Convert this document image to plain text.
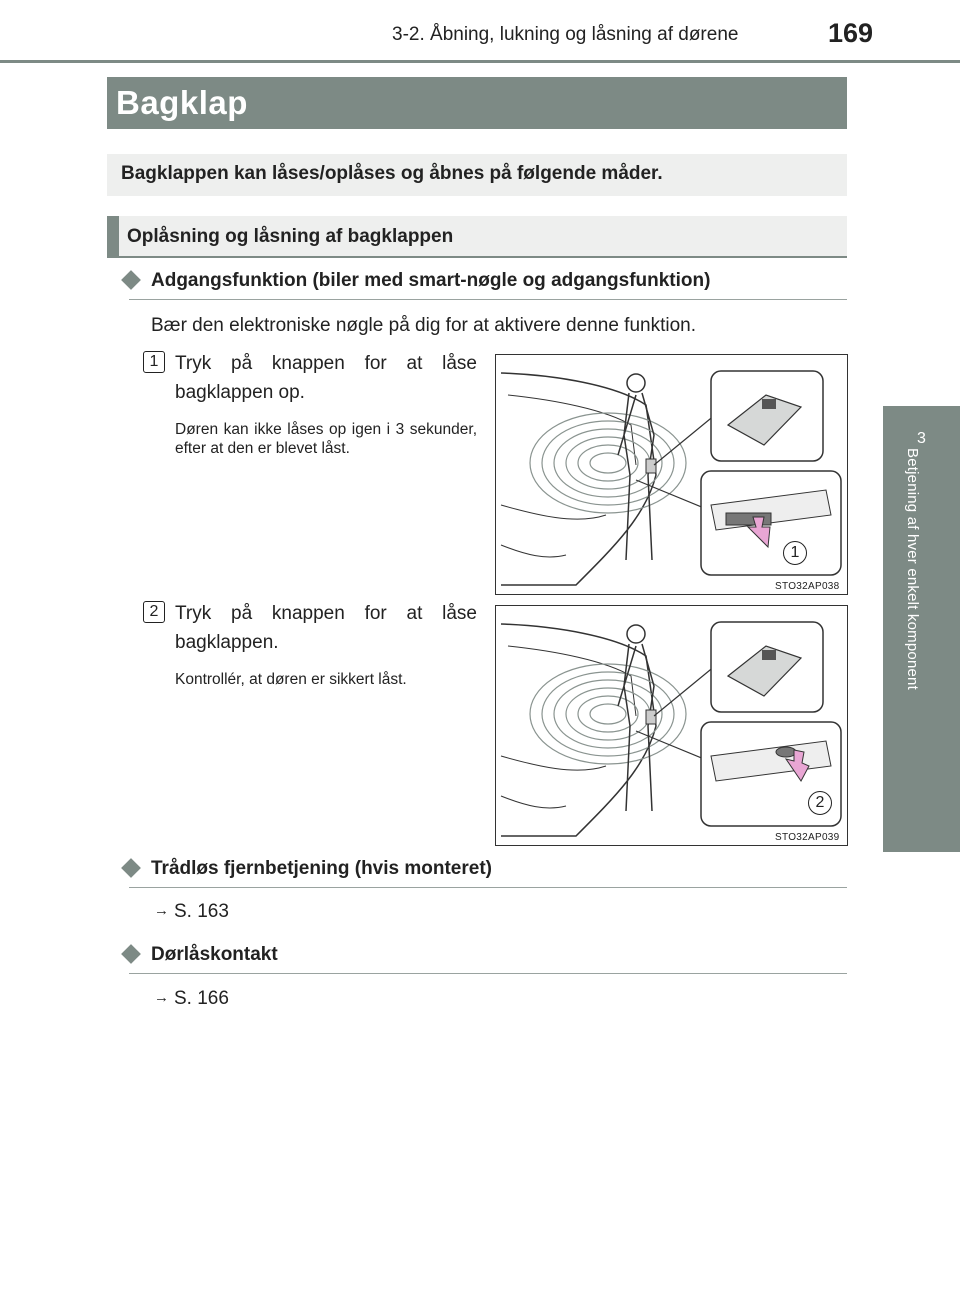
3-2. Åbning, lukning og låsning af dørene	169
3
Betjening af hver enkelt komponent
Bagklap
Bagklappen kan låses/oplåses og åbnes på følgende måder.
Oplåsning og låsning af bagklappen
Adgangsfunktion (biler med smart-nøgle og adgangsfunktion)
Bær den elektroniske nøgle på dig for at aktivere denne funktion.
1 Tryk på knappen for at låse bagklappen op.
Døren kan ikke låses op igen i 3 sekunder, efter at den er blevet låst.
1
STO32AP038
2 Tryk på knappen for at låse bagklappen.
Kontrollér, at døren er sikkert låst.
2
STO32AP039
Trådløs fjernbetjening (hvis monteret)
→ S. 163
Dørlåskontakt
→ S. 166
